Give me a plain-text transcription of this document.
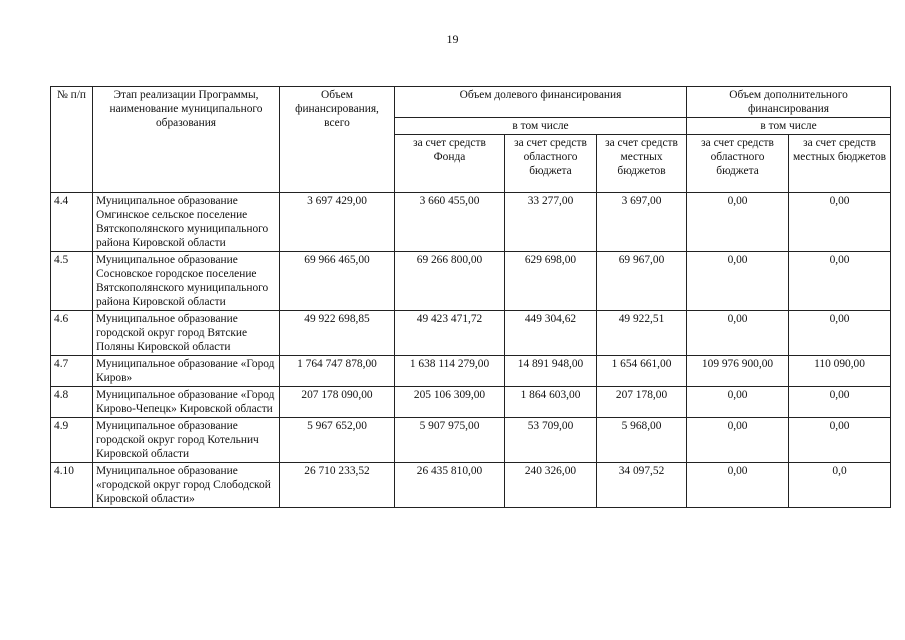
19
№ п/п	Этап реализации Программы, наименование муниципального образования	Объем финансирования, всего	Объем долевого финансирования			Объем дополнительного финансирования	
			в том числе			в том числе	
			за счет средств Фонда	за счет средств областного бюджета	за счет средств местных бюджетов	за счет средств областного бюджета	за счет средств местных бюджетов
4.4	Муниципальное образование Омгинское сельское поселение Вятскополянского муниципального района Кировской области	3 697 429,00	3 660 455,00	33 277,00	3 697,00	0,00	0,00
4.5	Муниципальное образование Сосновское городское поселение Вятскополянского муниципального района Кировской области	69 966 465,00	69 266 800,00	629 698,00	69 967,00	0,00	0,00
4.6	Муниципальное образование городской округ город Вятские Поляны Кировской области	49 922 698,85	49 423 471,72	449 304,62	49 922,51	0,00	0,00
4.7	Муниципальное образование «Город Киров»	1 764 747 878,00	1 638 114 279,00	14 891 948,00	1 654 661,00	109 976 900,00	110 090,00
4.8	Муниципальное образование «Город Кирово-Чепецк» Кировской области	207 178 090,00	205 106 309,00	1 864 603,00	207 178,00	0,00	0,00
4.9	Муниципальное образование городской округ город Котельнич Кировской области	5 967 652,00	5 907 975,00	53 709,00	5 968,00	0,00	0,00
4.10	Муниципальное образование «городской округ город Слободской Кировской области»	26 710 233,52	26 435 810,00	240 326,00	34 097,52	0,00	0,0
